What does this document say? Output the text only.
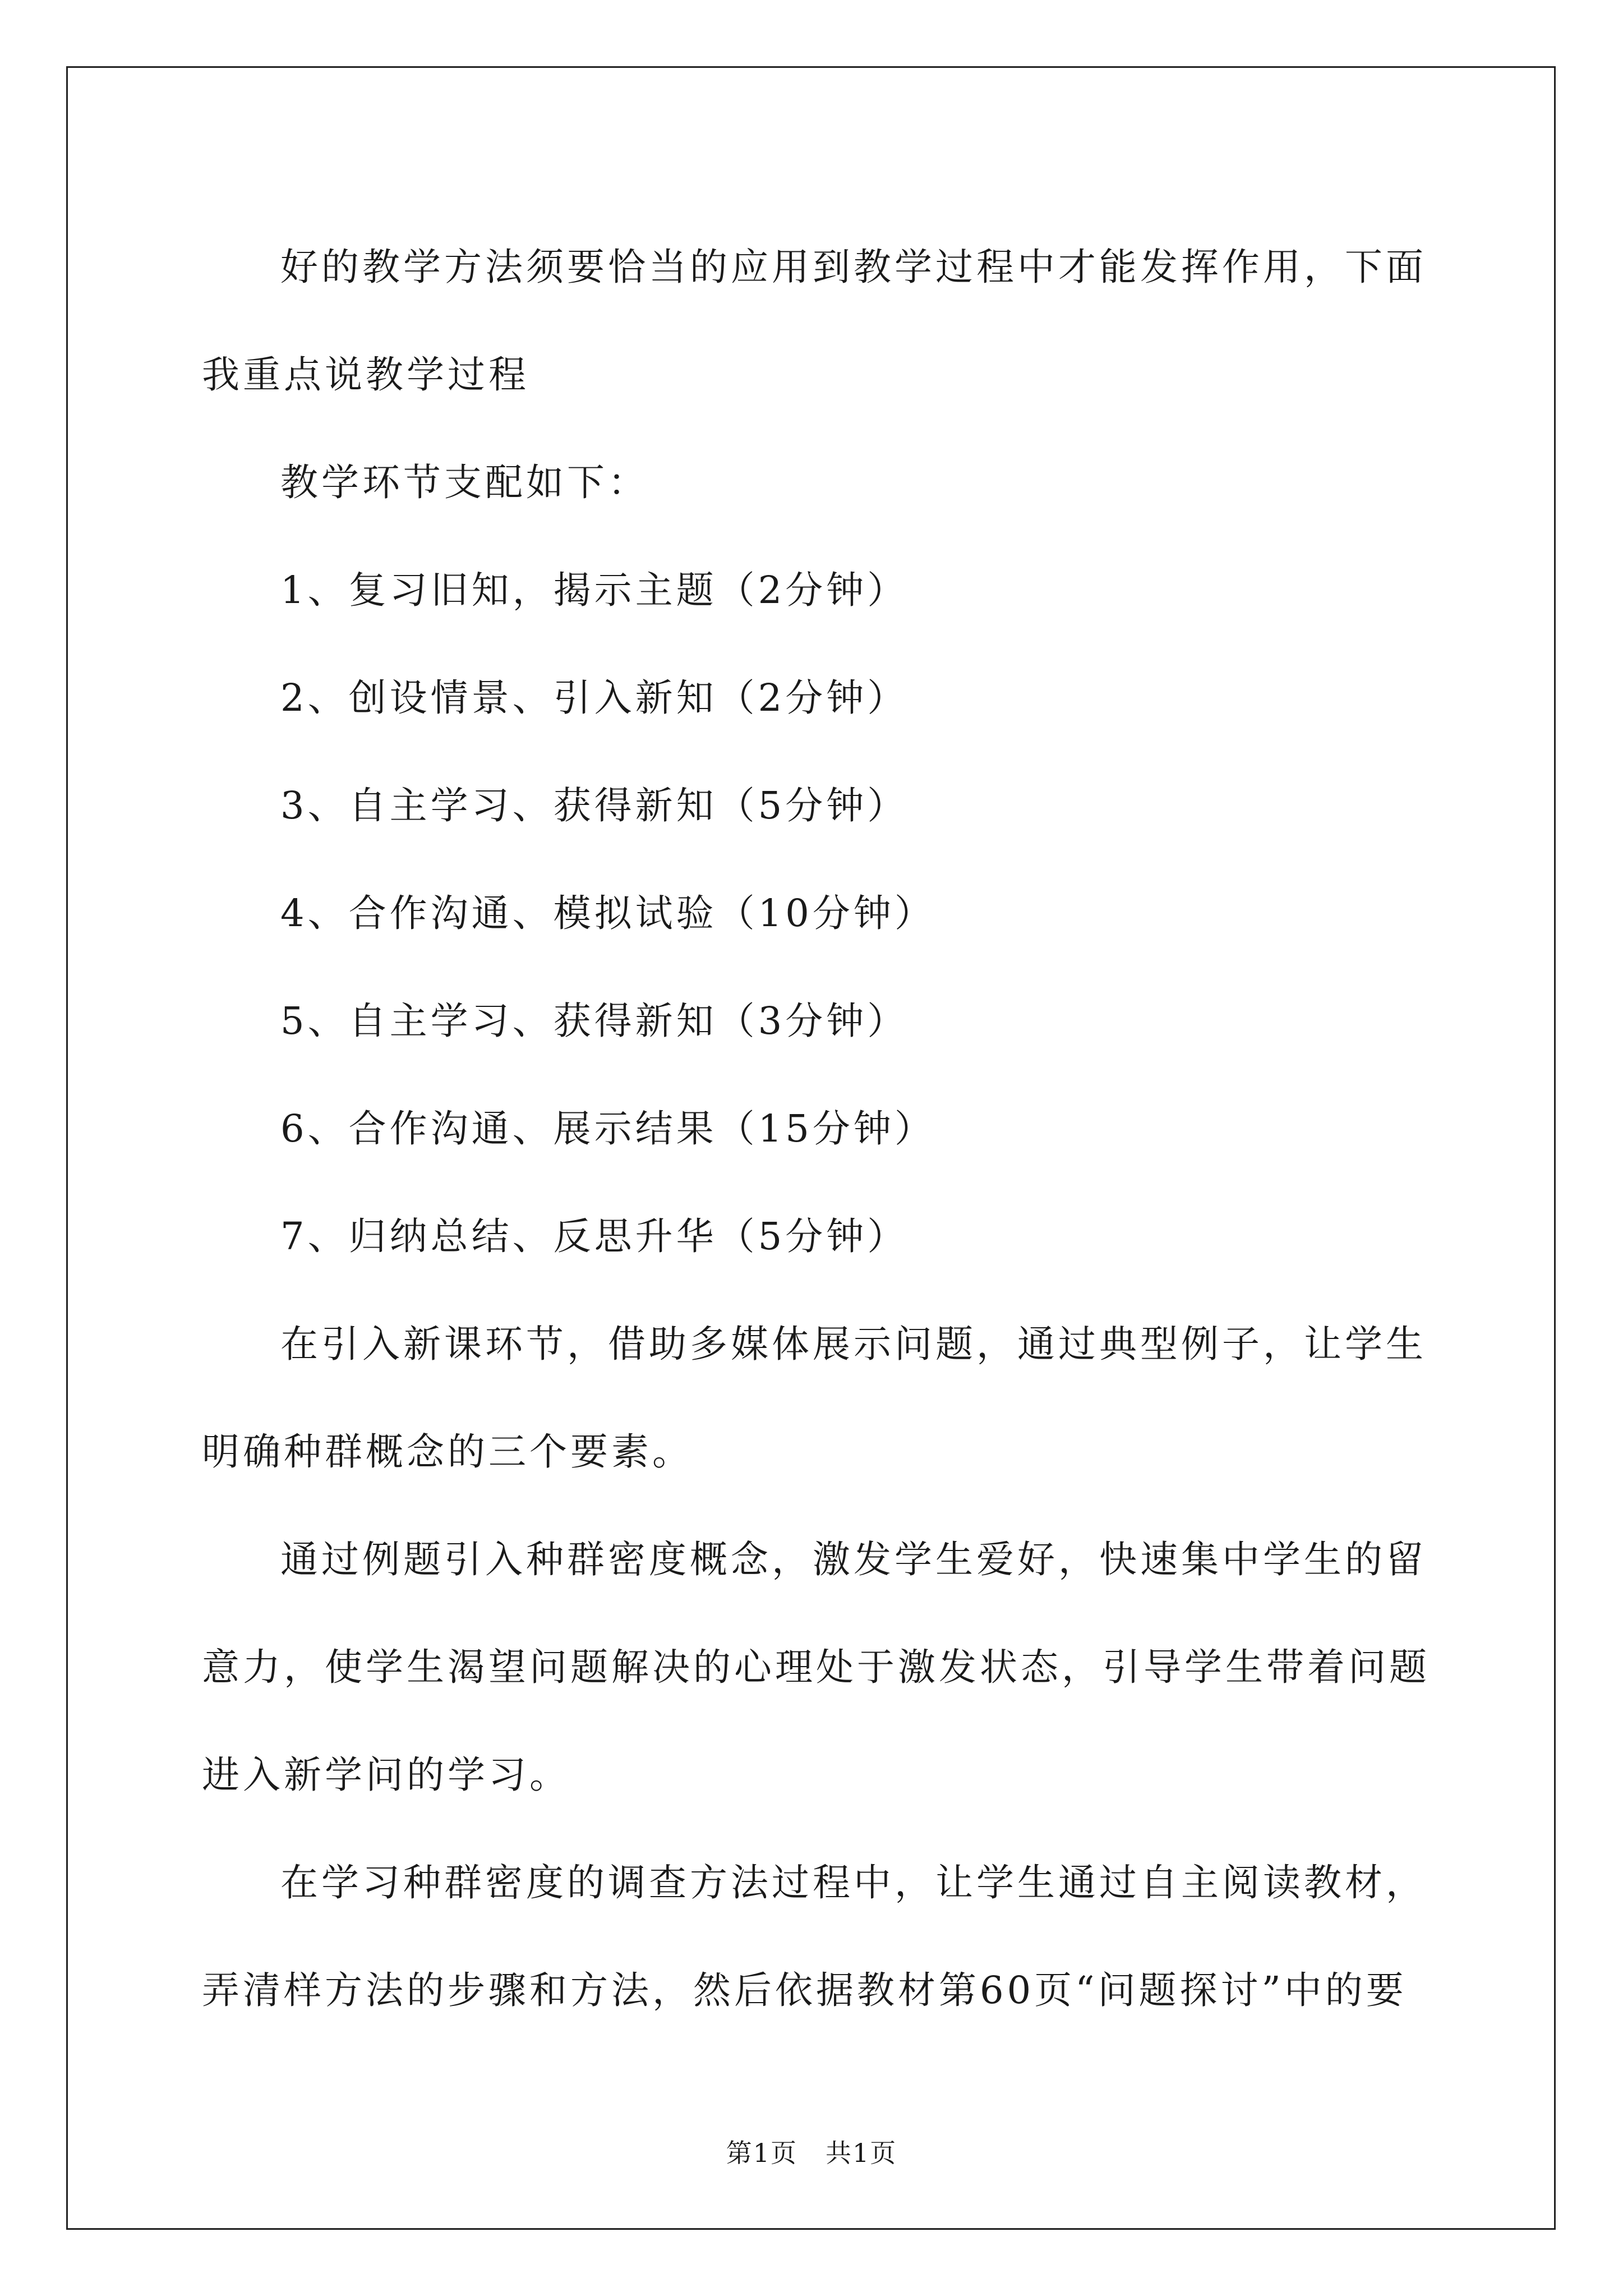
好的教学方法须要恰当的应用到教学过程中才能发挥作用，下面我重点说教学过程

教学环节支配如下：

1、复习旧知，揭示主题（2分钟）

2、创设情景、引入新知（2分钟）

3、自主学习、获得新知（5分钟）

4、合作沟通、模拟试验（10分钟）

5、自主学习、获得新知（3分钟）

6、合作沟通、展示结果（15分钟）

7、归纳总结、反思升华（5分钟）

在引入新课环节，借助多媒体展示问题，通过典型例子，让学生明确种群概念的三个要素。

通过例题引入种群密度概念，激发学生爱好，快速集中学生的留意力，使学生渴望问题解决的心理处于激发状态，引导学生带着问题进入新学问的学习。

在学习种群密度的调查方法过程中，让学生通过自主阅读教材，弄清样方法的步骤和方法，然后依据教材第60页“问题探讨”中的要

第1页 共1页
